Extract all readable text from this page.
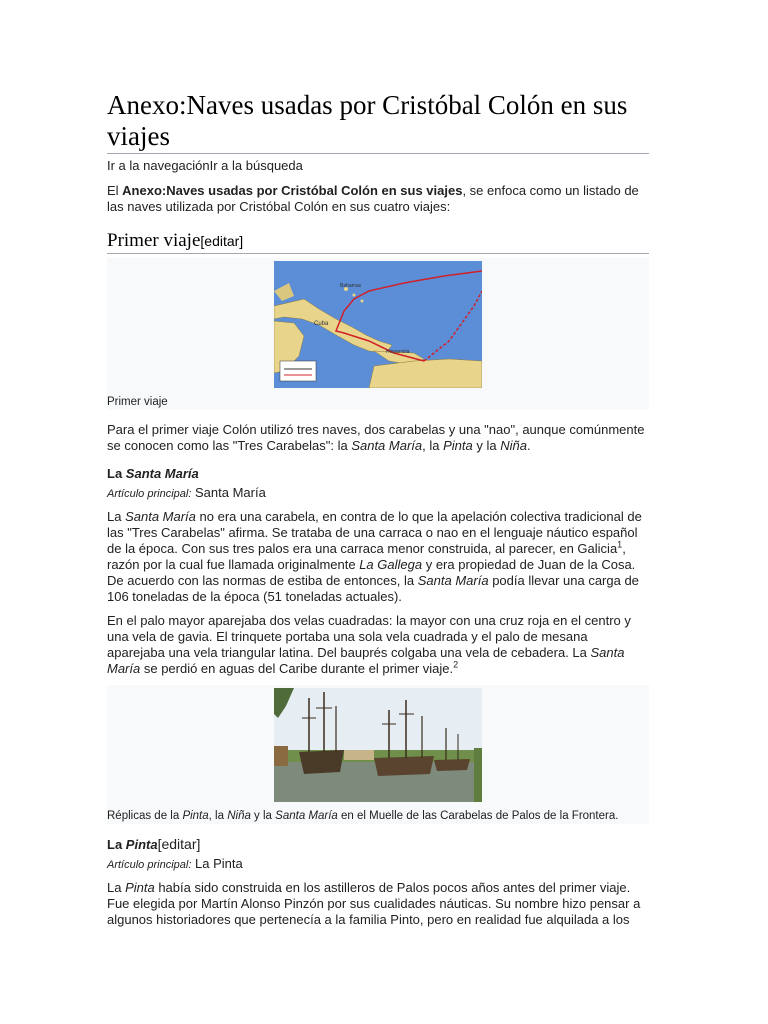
Anexo:Naves usadas por Cristóbal Colón en sus viajes
Ir a la navegaciónIr a la búsqueda

El Anexo:Naves usadas por Cristóbal Colón en sus viajes, se enfoca como un listado de las naves utilizada por Cristóbal Colón en sus cuatro viajes:

Primer viaje[editar]
Cuba
Hispaniola
Bahamas
Primer viaje

Para el primer viaje Colón utilizó tres naves, dos carabelas y una "nao", aunque comúnmente se conocen como las "Tres Carabelas": la Santa María, la Pinta y la Niña.

La Santa María
Artículo principal: Santa María

La Santa María no era una carabela, en contra de lo que la apelación colectiva tradicional de las "Tres Carabelas" afirma. Se trataba de una carraca o nao en el lenguaje náutico español de la época. Con sus tres palos era una carraca menor construida, al parecer, en Galicia$^1$, razón por la cual fue llamada originalmente La Gallega y era propiedad de Juan de la Cosa. De acuerdo con las normas de estiba de entonces, la Santa María podía llevar una carga de 106 toneladas de la época (51 toneladas actuales).

En el palo mayor aparejaba dos velas cuadradas: la mayor con una cruz roja en el centro y una vela de gavia. El trinquete portaba una sola vela cuadrada y el palo de mesana aparejaba una vela triangular latina. Del bauprés colgaba una vela de cebadera. La Santa María se perdió en aguas del Caribe durante el primer viaje.$^2$

Réplicas de la Pinta, la Niña y la Santa María en el Muelle de las Carabelas de Palos de la Frontera.
La Pinta[editar]
Artículo principal: La Pinta

La Pinta había sido construida en los astilleros de Palos pocos años antes del primer viaje. Fue elegida por Martín Alonso Pinzón por sus cualidades náuticas. Su nombre hizo pensar a algunos historiadores que pertenecía a la familia Pinto, pero en realidad fue alquilada a los
